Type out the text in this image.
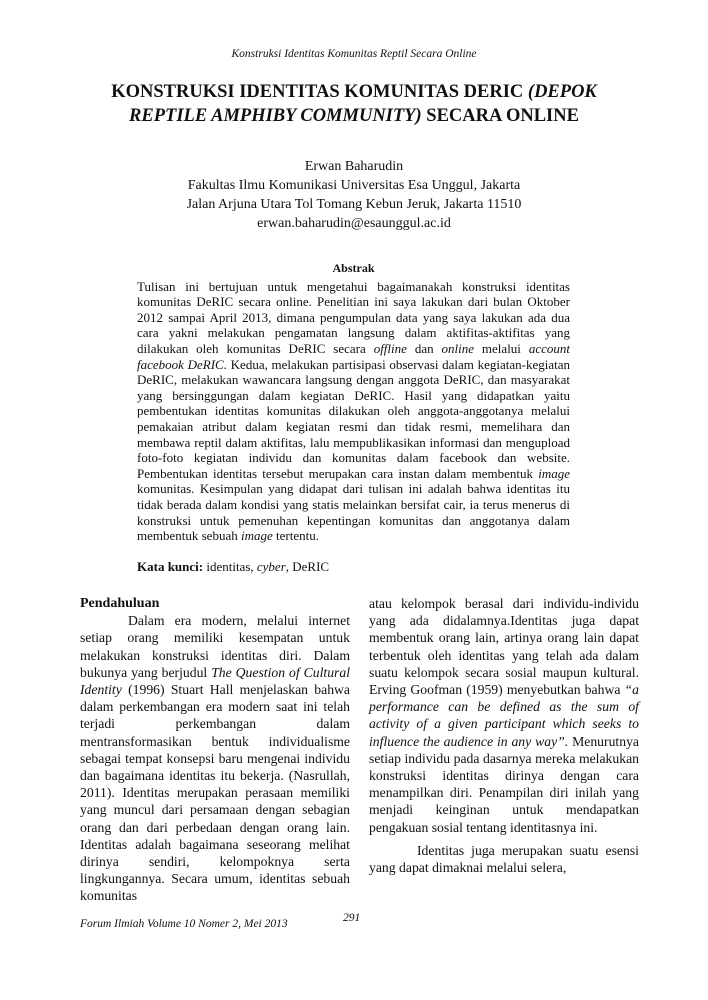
Konstruksi Identitas Komunitas Reptil Secara Online
KONSTRUKSI IDENTITAS KOMUNITAS DERIC (DEPOK REPTILE AMPHIBY COMMUNITY) SECARA ONLINE
Erwan Baharudin
Fakultas Ilmu Komunikasi Universitas Esa Unggul, Jakarta
Jalan Arjuna Utara Tol Tomang Kebun Jeruk, Jakarta 11510
erwan.baharudin@esaunggul.ac.id
Abstrak
Tulisan ini bertujuan untuk mengetahui bagaimanakah konstruksi identitas komunitas DeRIC secara online. Penelitian ini saya lakukan dari bulan Oktober 2012 sampai April 2013, dimana pengumpulan data yang saya lakukan ada dua cara yakni melakukan pengamatan langsung dalam aktifitas-aktifitas yang dilakukan oleh komunitas DeRIC secara offline dan online melalui account facebook DeRIC. Kedua, melakukan partisipasi observasi dalam kegiatan-kegiatan DeRIC, melakukan wawancara langsung dengan anggota DeRIC, dan masyarakat yang bersinggungan dalam kegiatan DeRIC. Hasil yang didapatkan yaitu pembentukan identitas komunitas dilakukan oleh anggota-anggotanya melalui pemakaian atribut dalam kegiatan resmi dan tidak resmi, memelihara dan membawa reptil dalam aktifitas, lalu mempublikasikan informasi dan mengupload foto-foto kegiatan individu dan komunitas dalam facebook dan website. Pembentukan identitas tersebut merupakan cara instan dalam membentuk image komunitas. Kesimpulan yang didapat dari tulisan ini adalah bahwa identitas itu tidak berada dalam kondisi yang statis melainkan bersifat cair, ia terus menerus di konstruksi untuk pemenuhan kepentingan komunitas dan anggotanya dalam membentuk sebuah image tertentu.
Kata kunci: identitas, cyber, DeRIC
Pendahuluan

Dalam era modern, melalui internet setiap orang memiliki kesempatan untuk melakukan konstruksi identitas diri. Dalam bukunya yang berjudul The Question of Cultural Identity (1996) Stuart Hall menjelaskan bahwa dalam perkembangan era modern saat ini telah terjadi perkembangan dalam mentransformasikan bentuk individualisme sebagai tempat konsepsi baru mengenai individu dan bagaimana identitas itu bekerja. (Nasrullah, 2011). Identitas merupakan perasaan memiliki yang muncul dari persamaan dengan sebagian orang dan dari perbedaan dengan orang lain. Identitas adalah bagaimana seseorang melihat dirinya sendiri, kelompoknya serta lingkungannya. Secara umum, identitas sebuah komunitas

atau kelompok berasal dari individu-individu yang ada didalamnya.Identitas juga dapat membentuk orang lain, artinya orang lain dapat terbentuk oleh identitas yang telah ada dalam suatu kelompok secara sosial maupun kultural. Erving Goofman (1959) menyebutkan bahwa “a performance can be defined as the sum of activity of a given participant which seeks to influence the audience in any way”. Menurutnya setiap individu pada dasarnya mereka melakukan konstruksi identitas dirinya dengan cara menampilkan diri. Penampilan diri inilah yang menjadi keinginan untuk mendapatkan pengakuan sosial tentang identitasnya ini.

Identitas juga merupakan suatu esensi yang dapat dimaknai melalui selera,

Forum Ilmiah Volume 10 Nomer 2, Mei 2013	291
